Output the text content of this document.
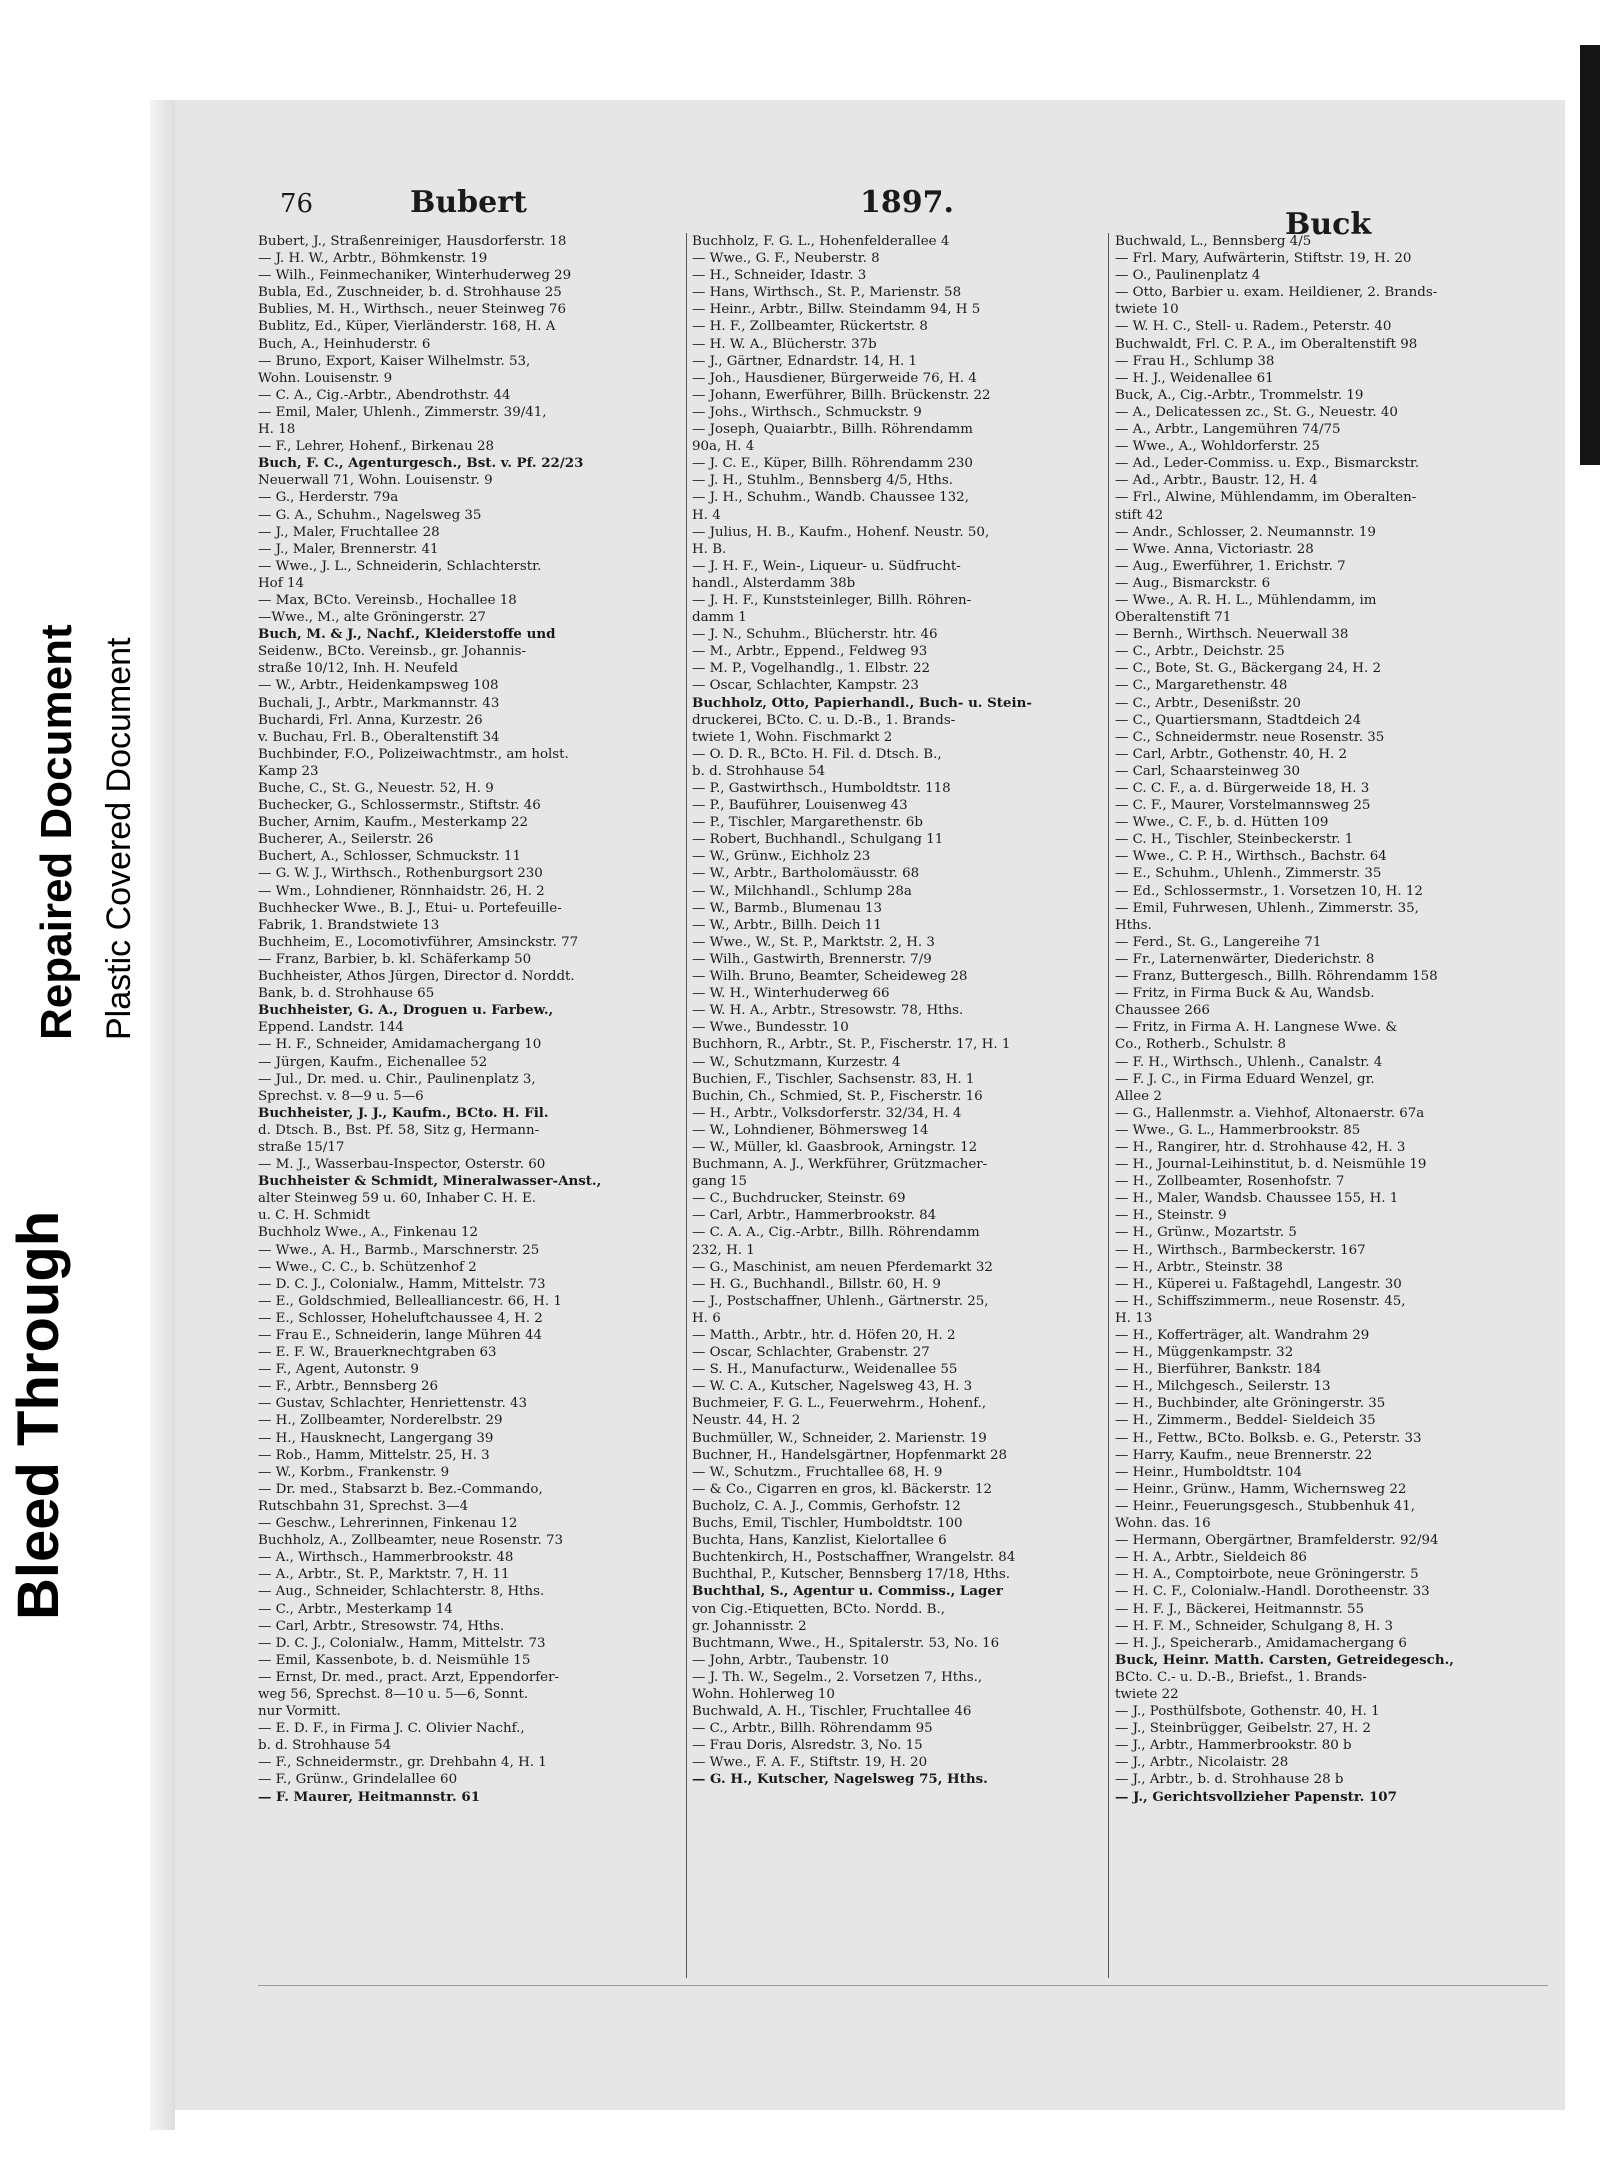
Bleed Through
Repaired Document Plastic Covered Document
76	Bubert	1897.
Buck
Bubert, J., Straßenreiniger, Hausdorferstr. 18
— J. H. W., Arbtr., Böhmkenstr. 19
— Wilh., Feinmechaniker, Winterhuderweg 29
Bubla, Ed., Zuschneider, b. d. Strohhause 25
Bublies, M. H., Wirthsch., neuer Steinweg 76
Bublitz, Ed., Küper, Vierländerstr. 168, H. A
Buch, A., Heinhuderstr. 6
— Bruno, Export, Kaiser Wilhelmstr. 53,
Wohn. Louisenstr. 9
— C. A., Cig.-Arbtr., Abendrothstr. 44
— Emil, Maler, Uhlenh., Zimmerstr. 39/41,
H. 18
— F., Lehrer, Hohenf., Birkenau 28
Buch, F. C., Agenturgesch., Bst. v. Pf. 22/23
Neuerwall 71, Wohn. Louisenstr. 9
— G., Herderstr. 79a
— G. A., Schuhm., Nagelsweg 35
— J., Maler, Fruchtallee 28
— J., Maler, Brennerstr. 41
— Wwe., J. L., Schneiderin, Schlachterstr.
Hof 14
— Max, BCto. Vereinsb., Hochallee 18
—Wwe., M., alte Gröningerstr. 27
Buch, M. & J., Nachf., Kleiderstoffe und
Seidenw., BCto. Vereinsb., gr. Johannis-
straße 10/12, Inh. H. Neufeld
— W., Arbtr., Heidenkampsweg 108
Buchali, J., Arbtr., Markmannstr. 43
Buchardi, Frl. Anna, Kurzestr. 26
v. Buchau, Frl. B., Oberaltenstift 34
Buchbinder, F.O., Polizeiwachtmstr., am holst.
Kamp 23
Buche, C., St. G., Neuestr. 52, H. 9
Buchecker, G., Schlossermstr., Stiftstr. 46
Bucher, Arnim, Kaufm., Mesterkamp 22
Bucherer, A., Seilerstr. 26
Buchert, A., Schlosser, Schmuckstr. 11
— G. W. J., Wirthsch., Rothenburgsort 230
— Wm., Lohndiener, Rönnhaidstr. 26, H. 2
Buchhecker Wwe., B. J., Etui- u. Portefeuille-
Fabrik, 1. Brandstwiete 13
Buchheim, E., Locomotivführer, Amsinckstr. 77
— Franz, Barbier, b. kl. Schäferkamp 50
Buchheister, Athos Jürgen, Director d. Norddt.
Bank, b. d. Strohhause 65
Buchheister, G. A., Droguen u. Farbew.,
Eppend. Landstr. 144
— H. F., Schneider, Amidamachergang 10
— Jürgen, Kaufm., Eichenallee 52
— Jul., Dr. med. u. Chir., Paulinenplatz 3,
Sprechst. v. 8—9 u. 5—6
Buchheister, J. J., Kaufm., BCto. H. Fil.
d. Dtsch. B., Bst. Pf. 58, Sitz g, Hermann-
straße 15/17
— M. J., Wasserbau-Inspector, Osterstr. 60
Buchheister & Schmidt, Mineralwasser-Anst.,
alter Steinweg 59 u. 60, Inhaber C. H. E.
u. C. H. Schmidt
Buchholz Wwe., A., Finkenau 12
— Wwe., A. H., Barmb., Marschnerstr. 25
— Wwe., C. C., b. Schützenhof 2
— D. C. J., Colonialw., Hamm, Mittelstr. 73
— E., Goldschmied, Bellealliancestr. 66, H. 1
— E., Schlosser, Hoheluftchaussee 4, H. 2
— Frau E., Schneiderin, lange Mühren 44
— E. F. W., Brauerknechtgraben 63
— F., Agent, Autonstr. 9
— F., Arbtr., Bennsberg 26
— Gustav, Schlachter, Henriettenstr. 43
— H., Zollbeamter, Norderelbstr. 29
— H., Hausknecht, Langergang 39
— Rob., Hamm, Mittelstr. 25, H. 3
— W., Korbm., Frankenstr. 9
— Dr. med., Stabsarzt b. Bez.-Commando,
Rutschbahn 31, Sprechst. 3—4
— Geschw., Lehrerinnen, Finkenau 12
Buchholz, A., Zollbeamter, neue Rosenstr. 73
— A., Wirthsch., Hammerbrookstr. 48
— A., Arbtr., St. P., Marktstr. 7, H. 11
— Aug., Schneider, Schlachterstr. 8, Hths.
— C., Arbtr., Mesterkamp 14
— Carl, Arbtr., Stresowstr. 74, Hths.
— D. C. J., Colonialw., Hamm, Mittelstr. 73
— Emil, Kassenbote, b. d. Neismühle 15
— Ernst, Dr. med., pract. Arzt, Eppendorfer-
weg 56, Sprechst. 8—10 u. 5—6, Sonnt.
nur Vormitt.
— E. D. F., in Firma J. C. Olivier Nachf.,
b. d. Strohhause 54
— F., Schneidermstr., gr. Drehbahn 4, H. 1
— F., Grünw., Grindelallee 60
— F. Maurer, Heitmannstr. 61
Buchholz, F. G. L., Hohenfelderallee 4
— Wwe., G. F., Neuberstr. 8
— H., Schneider, Idastr. 3
— Hans, Wirthsch., St. P., Marienstr. 58
— Heinr., Arbtr., Billw. Steindamm 94, H 5
— H. F., Zollbeamter, Rückertstr. 8
— H. W. A., Blücherstr. 37b
— J., Gärtner, Ednardstr. 14, H. 1
— Joh., Hausdiener, Bürgerweide 76, H. 4
— Johann, Ewerführer, Billh. Brückenstr. 22
— Johs., Wirthsch., Schmuckstr. 9
— Joseph, Quaiarbtr., Billh. Röhrendamm
90a, H. 4
— J. C. E., Küper, Billh. Röhrendamm 230
— J. H., Stuhlm., Bennsberg 4/5, Hths.
— J. H., Schuhm., Wandb. Chaussee 132,
H. 4
— Julius, H. B., Kaufm., Hohenf. Neustr. 50,
H. B.
— J. H. F., Wein-, Liqueur- u. Südfrucht-
handl., Alsterdamm 38b
— J. H. F., Kunststeinleger, Billh. Röhren-
damm 1
— J. N., Schuhm., Blücherstr. htr. 46
— M., Arbtr., Eppend., Feldweg 93
— M. P., Vogelhandlg., 1. Elbstr. 22
— Oscar, Schlachter, Kampstr. 23
Buchholz, Otto, Papierhandl., Buch- u. Stein-
druckerei, BCto. C. u. D.-B., 1. Brands-
twiete 1, Wohn. Fischmarkt 2
— O. D. R., BCto. H. Fil. d. Dtsch. B.,
b. d. Strohhause 54
— P., Gastwirthsch., Humboldtstr. 118
— P., Bauführer, Louisenweg 43
— P., Tischler, Margarethenstr. 6b
— Robert, Buchhandl., Schulgang 11
— W., Grünw., Eichholz 23
— W., Arbtr., Bartholomäusstr. 68
— W., Milchhandl., Schlump 28a
— W., Barmb., Blumenau 13
— W., Arbtr., Billh. Deich 11
— Wwe., W., St. P., Marktstr. 2, H. 3
— Wilh., Gastwirth, Brennerstr. 7/9
— Wilh. Bruno, Beamter, Scheideweg 28
— W. H., Winterhuderweg 66
— W. H. A., Arbtr., Stresowstr. 78, Hths.
— Wwe., Bundesstr. 10
Buchhorn, R., Arbtr., St. P., Fischerstr. 17, H. 1
— W., Schutzmann, Kurzestr. 4
Buchien, F., Tischler, Sachsenstr. 83, H. 1
Buchin, Ch., Schmied, St. P., Fischerstr. 16
— H., Arbtr., Volksdorferstr. 32/34, H. 4
— W., Lohndiener, Böhmersweg 14
— W., Müller, kl. Gaasbrook, Arningstr. 12
Buchmann, A. J., Werkführer, Grützmacher-
gang 15
— C., Buchdrucker, Steinstr. 69
— Carl, Arbtr., Hammerbrookstr. 84
— C. A. A., Cig.-Arbtr., Billh. Röhrendamm
232, H. 1
— G., Maschinist, am neuen Pferdemarkt 32
— H. G., Buchhandl., Billstr. 60, H. 9
— J., Postschaffner, Uhlenh., Gärtnerstr. 25,
H. 6
— Matth., Arbtr., htr. d. Höfen 20, H. 2
— Oscar, Schlachter, Grabenstr. 27
— S. H., Manufacturw., Weidenallee 55
— W. C. A., Kutscher, Nagelsweg 43, H. 3
Buchmeier, F. G. L., Feuerwehrm., Hohenf.,
Neustr. 44, H. 2
Buchmüller, W., Schneider, 2. Marienstr. 19
Buchner, H., Handelsgärtner, Hopfenmarkt 28
— W., Schutzm., Fruchtallee 68, H. 9
— & Co., Cigarren en gros, kl. Bäckerstr. 12
Bucholz, C. A. J., Commis, Gerhofstr. 12
Buchs, Emil, Tischler, Humboldtstr. 100
Buchta, Hans, Kanzlist, Kielortallee 6
Buchtenkirch, H., Postschaffner, Wrangelstr. 84
Buchthal, P., Kutscher, Bennsberg 17/18, Hths.
Buchthal, S., Agentur u. Commiss., Lager
von Cig.-Etiquetten, BCto. Nordd. B.,
gr. Johannisstr. 2
Buchtmann, Wwe., H., Spitalerstr. 53, No. 16
— John, Arbtr., Taubenstr. 10
— J. Th. W., Segelm., 2. Vorsetzen 7, Hths.,
Wohn. Hohlerweg 10
Buchwald, A. H., Tischler, Fruchtallee 46
— C., Arbtr., Billh. Röhrendamm 95
— Frau Doris, Alsredstr. 3, No. 15
— Wwe., F. A. F., Stiftstr. 19, H. 20
— G. H., Kutscher, Nagelsweg 75, Hths.
Buchwald, L., Bennsberg 4/5
— Frl. Mary, Aufwärterin, Stiftstr. 19, H. 20
— O., Paulinenplatz 4
— Otto, Barbier u. exam. Heildiener, 2. Brands-
twiete 10
— W. H. C., Stell- u. Radem., Peterstr. 40
Buchwaldt, Frl. C. P. A., im Oberaltenstift 98
— Frau H., Schlump 38
— H. J., Weidenallee 61
Buck, A., Cig.-Arbtr., Trommelstr. 19
— A., Delicatessen zc., St. G., Neuestr. 40
— A., Arbtr., Langemühren 74/75
— Wwe., A., Wohldorferstr. 25
— Ad., Leder-Commiss. u. Exp., Bismarckstr.
— Ad., Arbtr., Baustr. 12, H. 4
— Frl., Alwine, Mühlendamm, im Oberalten-
stift 42
— Andr., Schlosser, 2. Neumannstr. 19
— Wwe. Anna, Victoriastr. 28
— Aug., Ewerführer, 1. Erichstr. 7
— Aug., Bismarckstr. 6
— Wwe., A. R. H. L., Mühlendamm, im
Oberaltenstift 71
— Bernh., Wirthsch. Neuerwall 38
— C., Arbtr., Deichstr. 25
— C., Bote, St. G., Bäckergang 24, H. 2
— C., Margarethenstr. 48
— C., Arbtr., Desenißstr. 20
— C., Quartiersmann, Stadtdeich 24
— C., Schneidermstr. neue Rosenstr. 35
— Carl, Arbtr., Gothenstr. 40, H. 2
— Carl, Schaarsteinweg 30
— C. C. F., a. d. Bürgerweide 18, H. 3
— C. F., Maurer, Vorstelmannsweg 25
— Wwe., C. F., b. d. Hütten 109
— C. H., Tischler, Steinbeckerstr. 1
— Wwe., C. P. H., Wirthsch., Bachstr. 64
— E., Schuhm., Uhlenh., Zimmerstr. 35
— Ed., Schlossermstr., 1. Vorsetzen 10, H. 12
— Emil, Fuhrwesen, Uhlenh., Zimmerstr. 35,
Hths.
— Ferd., St. G., Langereihe 71
— Fr., Laternenwärter, Diederichstr. 8
— Franz, Buttergesch., Billh. Röhrendamm 158
— Fritz, in Firma Buck & Au, Wandsb.
Chaussee 266
— Fritz, in Firma A. H. Langnese Wwe. &
Co., Rotherb., Schulstr. 8
— F. H., Wirthsch., Uhlenh., Canalstr. 4
— F. J. C., in Firma Eduard Wenzel, gr.
Allee 2
— G., Hallenmstr. a. Viehhof, Altonaerstr. 67a
— Wwe., G. L., Hammerbrookstr. 85
— H., Rangirer, htr. d. Strohhause 42, H. 3
— H., Journal-Leihinstitut, b. d. Neismühle 19
— H., Zollbeamter, Rosenhofstr. 7
— H., Maler, Wandsb. Chaussee 155, H. 1
— H., Steinstr. 9
— H., Grünw., Mozartstr. 5
— H., Wirthsch., Barmbeckerstr. 167
— H., Arbtr., Steinstr. 38
— H., Küperei u. Faßtagehdl, Langestr. 30
— H., Schiffszimmerm., neue Rosenstr. 45,
H. 13
— H., Kofferträger, alt. Wandrahm 29
— H., Müggenkampstr. 32
— H., Bierführer, Bankstr. 184
— H., Milchgesch., Seilerstr. 13
— H., Buchbinder, alte Gröningerstr. 35
— H., Zimmerm., Beddel- Sieldeich 35
— H., Fettw., BCto. Bolksb. e. G., Peterstr. 33
— Harry, Kaufm., neue Brennerstr. 22
— Heinr., Humboldtstr. 104
— Heinr., Grünw., Hamm, Wichernsweg 22
— Heinr., Feuerungsgesch., Stubbenhuk 41,
Wohn. das. 16
— Hermann, Obergärtner, Bramfelderstr. 92/94
— H. A., Arbtr., Sieldeich 86
— H. A., Comptoirbote, neue Gröningerstr. 5
— H. C. F., Colonialw.-Handl. Dorotheenstr. 33
— H. F. J., Bäckerei, Heitmannstr. 55
— H. F. M., Schneider, Schulgang 8, H. 3
— H. J., Speicherarb., Amidamachergang 6
Buck, Heinr. Matth. Carsten, Getreidegesch.,
BCto. C.- u. D.-B., Briefst., 1. Brands-
twiete 22
— J., Posthülfsbote, Gothenstr. 40, H. 1
— J., Steinbrügger, Geibelstr. 27, H. 2
— J., Arbtr., Hammerbrookstr. 80 b
— J., Arbtr., Nicolaistr. 28
— J., Arbtr., b. d. Strohhause 28 b
— J., Gerichtsvollzieher Papenstr. 107
